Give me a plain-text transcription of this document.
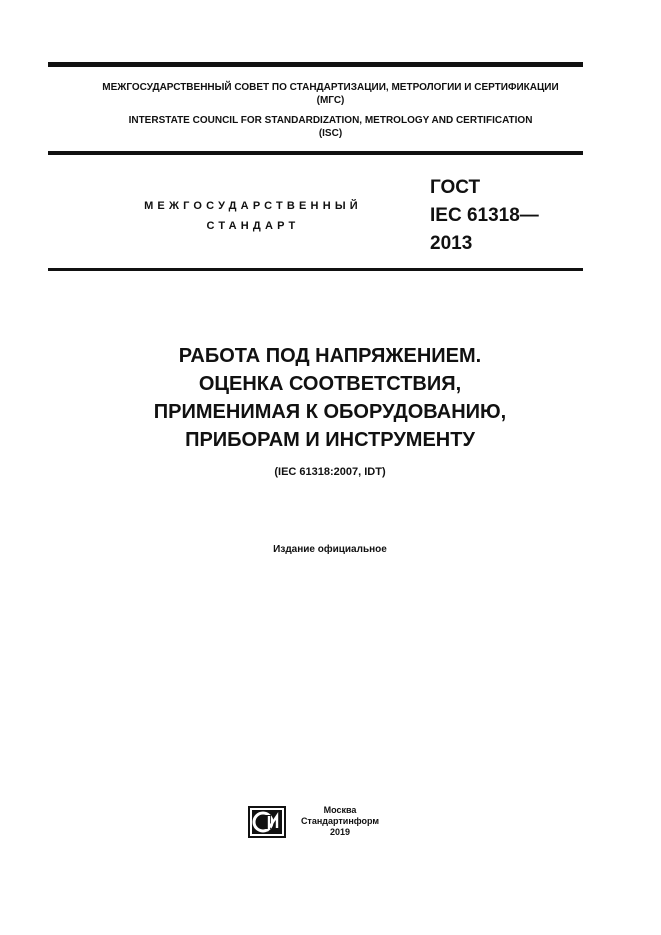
МЕЖГОСУДАРСТВЕННЫЙ СОВЕТ ПО СТАНДАРТИЗАЦИИ, МЕТРОЛОГИИ И СЕРТИФИКАЦИИ
(МГС)
INTERSTATE COUNCIL FOR STANDARDIZATION, METROLOGY AND CERTIFICATION
(ISC)
МЕЖГОСУДАРСТВЕННЫЙ
СТАНДАРТ
ГОСТ
IEC 61318—
2013
РАБОТА ПОД НАПРЯЖЕНИЕМ.
ОЦЕНКА СООТВЕТСТВИЯ,
ПРИМЕНИМАЯ К ОБОРУДОВАНИЮ,
ПРИБОРАМ И ИНСТРУМЕНТУ
(IEC 61318:2007, IDT)
Издание официальное
Москва
Стандартинформ
2019
